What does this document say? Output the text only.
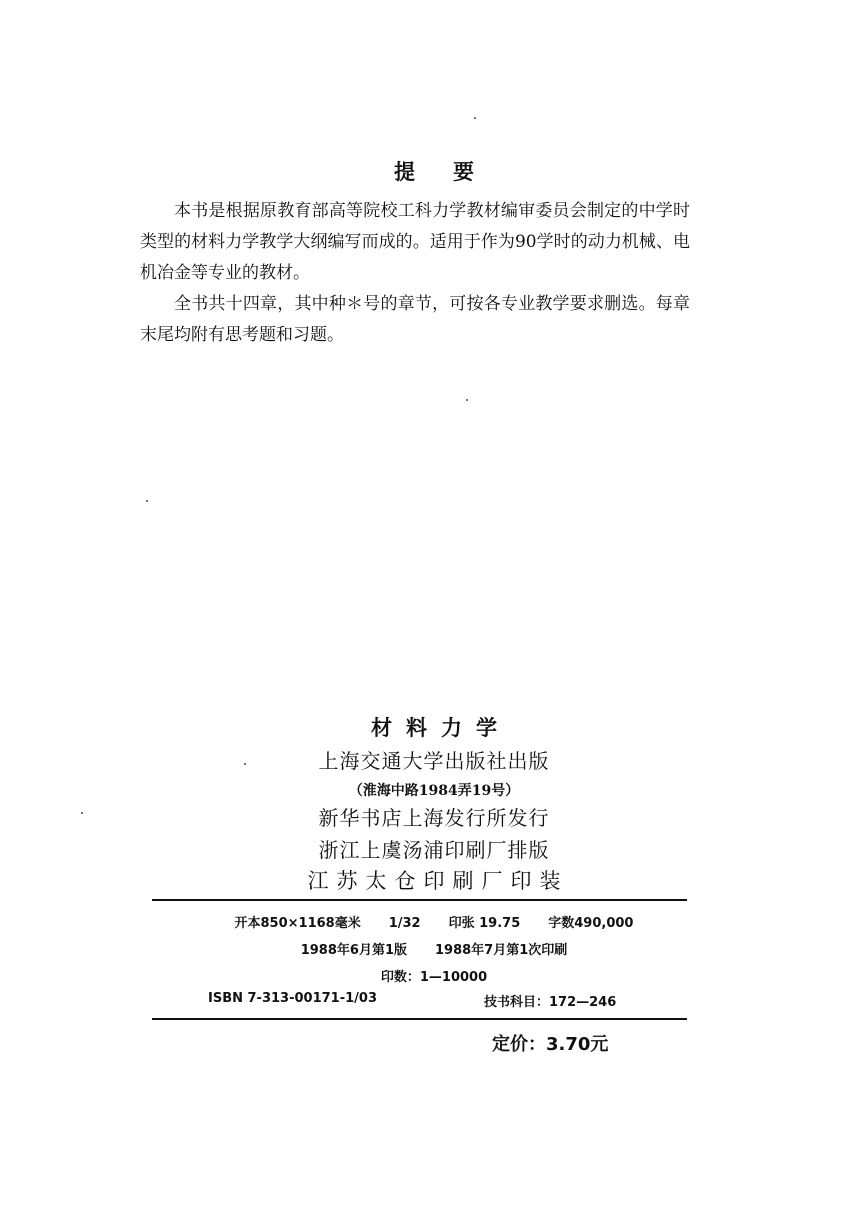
提要

本书是根据原教育部高等院校工科力学教材编审委员会制定的中学时类型的材料力学教学大纲编写而成的。适用于作为90学时的动力机械、电机冶金等专业的教材。

全书共十四章，其中种＊号的章节，可按各专业教学要求删选。每章末尾均附有思考题和习题。

材料力学
上海交通大学出版社出版
（淮海中路1984弄19号）
新华书店上海发行所发行
浙江上虞汤浦印刷厂排版
江苏太仓印刷厂印装
开本850×1168毫米 1/32 印张 19.75 字数490,000
1988年6月第1版 1988年7月第1次印刷
印数：1—10000
ISBN 7-313-00171-1/03	技书科目：172—246
定价：3.70元
